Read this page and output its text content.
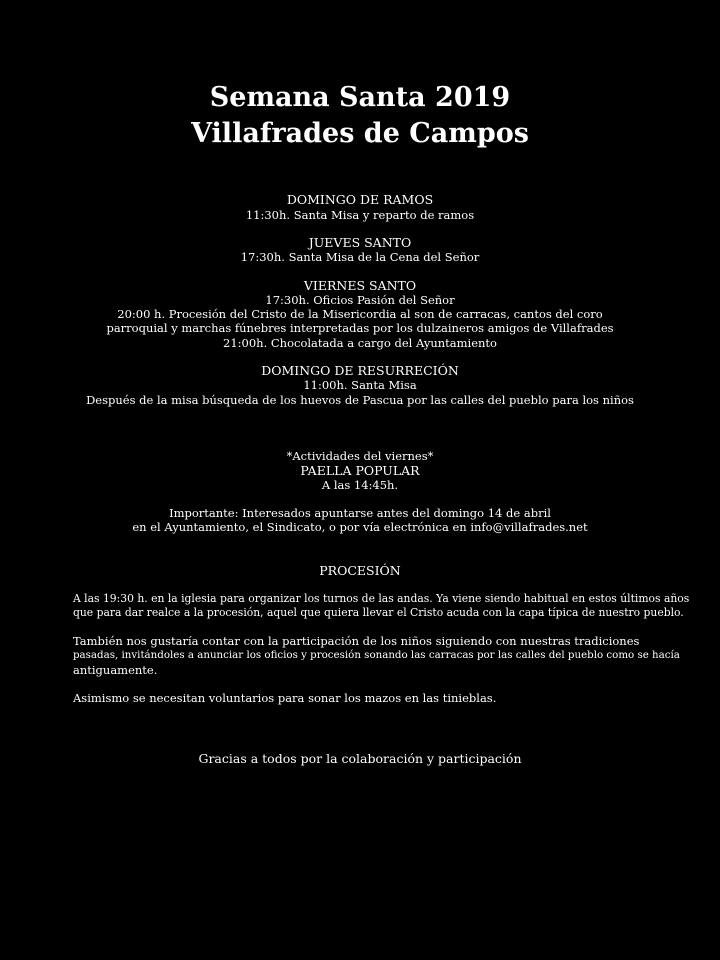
Semana Santa 2019
Villafrades de Campos
DOMINGO DE RAMOS
11:30h. Santa Misa y reparto de ramos
JUEVES SANTO
17:30h. Santa Misa de la Cena del Señor
VIERNES SANTO
17:30h. Oficios Pasión del Señor
20:00 h. Procesión del Cristo de la Misericordia al son de carracas, cantos del coro
parroquial y marchas fúnebres interpretadas por los dulzaineros amigos de Villafrades
21:00h. Chocolatada a cargo del Ayuntamiento
DOMINGO DE RESURRECIÓN
11:00h. Santa Misa
Después de la misa búsqueda de los huevos de Pascua por las calles del pueblo para los niños
*Actividades del viernes*
PAELLA POPULAR
A las 14:45h.
Importante: Interesados apuntarse antes del domingo 14 de abril
en el Ayuntamiento, el Sindicato, o por vía electrónica en info@villafrades.net
PROCESIÓN
A las 19:30 h. en la iglesia para organizar los turnos de las andas. Ya viene siendo habitual en estos últimos años
que para dar realce a la procesión, aquel que quiera llevar el Cristo acuda con la capa típica de nuestro pueblo.
También nos gustaría contar con la participación de los niños siguiendo con nuestras tradiciones
pasadas, invitándoles a anunciar los oficios y procesión sonando las carracas por las calles del pueblo como se hacía
antiguamente.
Asimismo se necesitan voluntarios para sonar los mazos en las tinieblas.
Gracias a todos por la colaboración y participación
